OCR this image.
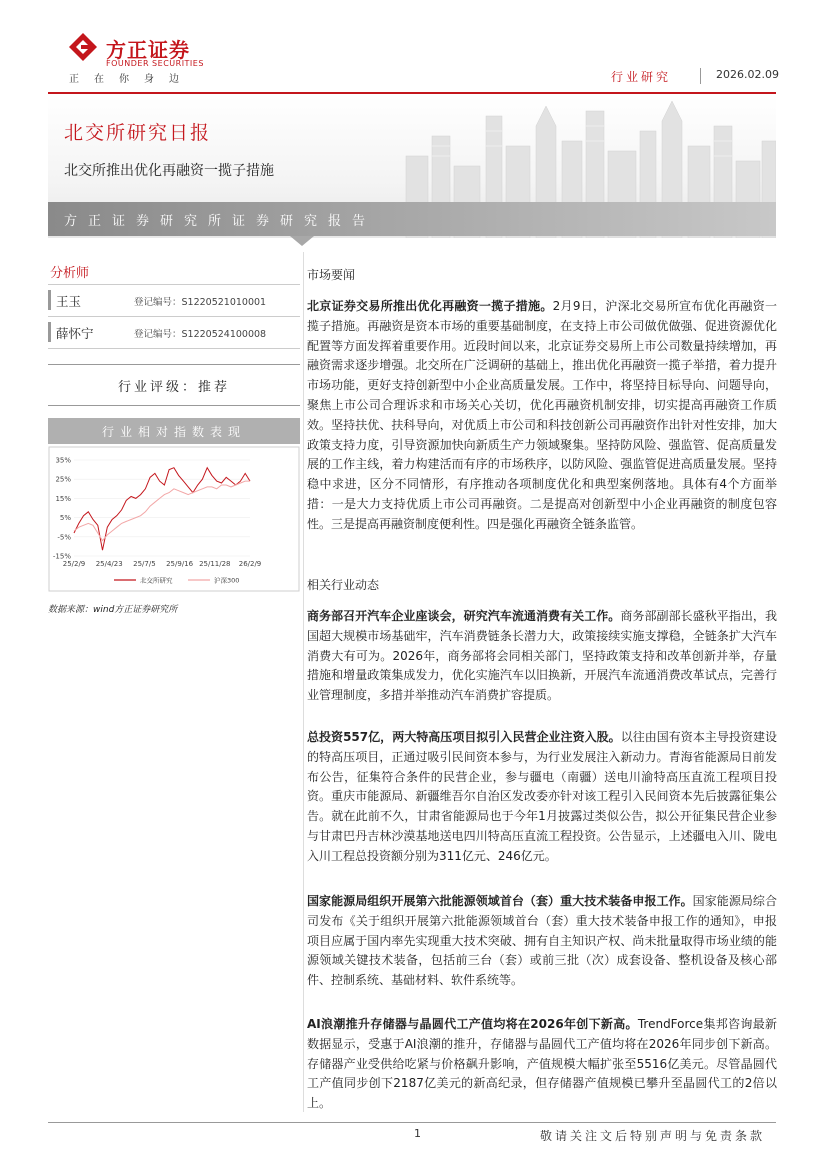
方正证券
FOUNDER SECURITIES
正在你身边	行业研究	2026.02.09
北交所研究日报
北交所推出优化再融资一揽子措施
方正证券研究所证券研究报告
分析师
王玉	登记编号：S1220521010001
薛怀宁	登记编号：S1220524100008
行业评级：推荐
行业相对指数表现
35%
25%
15%
5%
-5%
-15%
25/2/9 25/4/23 25/7/5 25/9/16 25/11/28 26/2/9
北交所研究	沪深300
数据来源：wind方正证券研究所
市场要闻
北京证券交易所推出优化再融资一揽子措施。2月9日，沪深北交易所宣布优化再融资一揽子措施。再融资是资本市场的重要基础制度，在支持上市公司做优做强、促进资源优化配置等方面发挥着重要作用。近段时间以来，北京证券交易所上市公司数量持续增加，再融资需求逐步增强。北交所在广泛调研的基础上，推出优化再融资一揽子举措，着力提升市场功能，更好支持创新型中小企业高质量发展。工作中，将坚持目标导向、问题导向，聚焦上市公司合理诉求和市场关心关切，优化再融资机制安排，切实提高再融资工作质效。坚持扶优、扶科导向，对优质上市公司和科技创新公司再融资作出针对性安排，加大政策支持力度，引导资源加快向新质生产力领域聚集。坚持防风险、强监管、促高质量发展的工作主线，着力构建活而有序的市场秩序，以防风险、强监管促进高质量发展。坚持稳中求进，区分不同情形，有序推动各项制度优化和典型案例落地。具体有4个方面举措：一是大力支持优质上市公司再融资。二是提高对创新型中小企业再融资的制度包容性。三是提高再融资制度便利性。四是强化再融资全链条监管。
相关行业动态
商务部召开汽车企业座谈会，研究汽车流通消费有关工作。商务部副部长盛秋平指出，我国超大规模市场基础牢，汽车消费链条长潜力大，政策接续实施支撑稳，全链条扩大汽车消费大有可为。2026年，商务部将会同相关部门，坚持政策支持和改革创新并举，存量措施和增量政策集成发力，优化实施汽车以旧换新，开展汽车流通消费改革试点，完善行业管理制度，多措并举推动汽车消费扩容提质。
总投资557亿，两大特高压项目拟引入民营企业注资入股。以往由国有资本主导投资建设的特高压项目，正通过吸引民间资本参与，为行业发展注入新动力。青海省能源局日前发布公告，征集符合条件的民营企业，参与疆电（南疆）送电川渝特高压直流工程项目投资。重庆市能源局、新疆维吾尔自治区发改委亦针对该工程引入民间资本先后披露征集公告。就在此前不久，甘肃省能源局也于今年1月披露过类似公告，拟公开征集民营企业参与甘肃巴丹吉林沙漠基地送电四川特高压直流工程投资。公告显示，上述疆电入川、陇电入川工程总投资额分别为311亿元、246亿元。
国家能源局组织开展第六批能源领域首台（套）重大技术装备申报工作。国家能源局综合司发布《关于组织开展第六批能源领域首台（套）重大技术装备申报工作的通知》，申报项目应属于国内率先实现重大技术突破、拥有自主知识产权、尚未批量取得市场业绩的能源领域关键技术装备，包括前三台（套）或前三批（次）成套设备、整机设备及核心部件、控制系统、基础材料、软件系统等。
AI浪潮推升存储器与晶圆代工产值均将在2026年创下新高。TrendForce集邦咨询最新数据显示，受惠于AI浪潮的推升，存储器与晶圆代工产值均将在2026年同步创下新高。存储器产业受供给吃紧与价格飙升影响，产值规模大幅扩张至5516亿美元。尽管晶圆代工产值同步创下2187亿美元的新高纪录，但存储器产值规模已攀升至晶圆代工的2倍以上。
1	敬请关注文后特别声明与免责条款
